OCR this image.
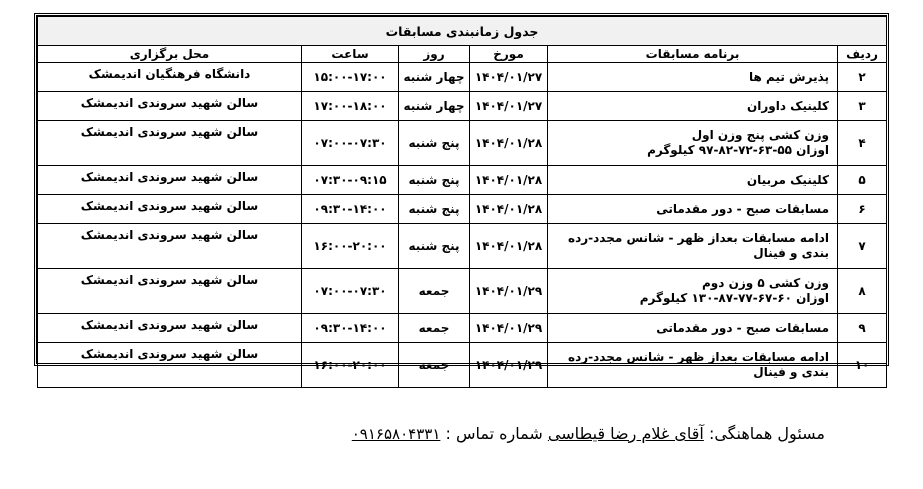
جدول زمانبندی مسابقات					
ردیف	برنامه مسابقات	مورخ	روز	ساعت	محل برگزاری
۲	پذیرش تیم ها	۱۴۰۴/۰۱/۲۷	چهار شنبه	۱۵:۰۰-۱۷:۰۰	دانشگاه فرهنگیان اندیمشک
۳	کلینیک داوران	۱۴۰۴/۰۱/۲۷	چهار شنبه	۱۷:۰۰-۱۸:۰۰	سالن شهید سروندی اندیمشک
۴	وزن کشی پنج وزن اول
اوزان ۵۵-۶۳-۷۲-۸۲-۹۷ کیلوگرم	۱۴۰۴/۰۱/۲۸	پنج شنبه	۰۷:۰۰-۰۷:۳۰	سالن شهید سروندی اندیمشک
۵	کلینیک مربیان	۱۴۰۴/۰۱/۲۸	پنج شنبه	۰۷:۳۰-۰۹:۱۵	سالن شهید سروندی اندیمشک
۶	مسابقات صبح - دور مقدماتی	۱۴۰۴/۰۱/۲۸	پنج شنبه	۰۹:۳۰-۱۴:۰۰	سالن شهید سروندی اندیمشک
۷	ادامه مسابقات بعداز ظهر - شانس مجدد-رده
بندی و فینال	۱۴۰۴/۰۱/۲۸	پنج شنبه	۱۶:۰۰-۲۰:۰۰	سالن شهید سروندی اندیمشک
۸	وزن کشی ۵ وزن دوم
اوزان ۶۰-۶۷-۷۷-۸۷-۱۳۰ کیلوگرم	۱۴۰۴/۰۱/۲۹	جمعه	۰۷:۰۰-۰۷:۳۰	سالن شهید سروندی اندیمشک
۹	مسابقات صبح - دور مقدماتی	۱۴۰۴/۰۱/۲۹	جمعه	۰۹:۳۰-۱۴:۰۰	سالن شهید سروندی اندیمشک
۱۰	ادامه مسابقات بعداز ظهر - شانس مجدد-رده
بندی و فینال	۱۴۰۴/۰۱/۲۹	جمعه	۱۶:۰۰-۲۰:۰۰	سالن شهید سروندی اندیمشک
مسئول هماهنگی: آقای غلام رضا قیطاسی شماره تماس : ۰۹۱۶۵۸۰۴۳۳۱
